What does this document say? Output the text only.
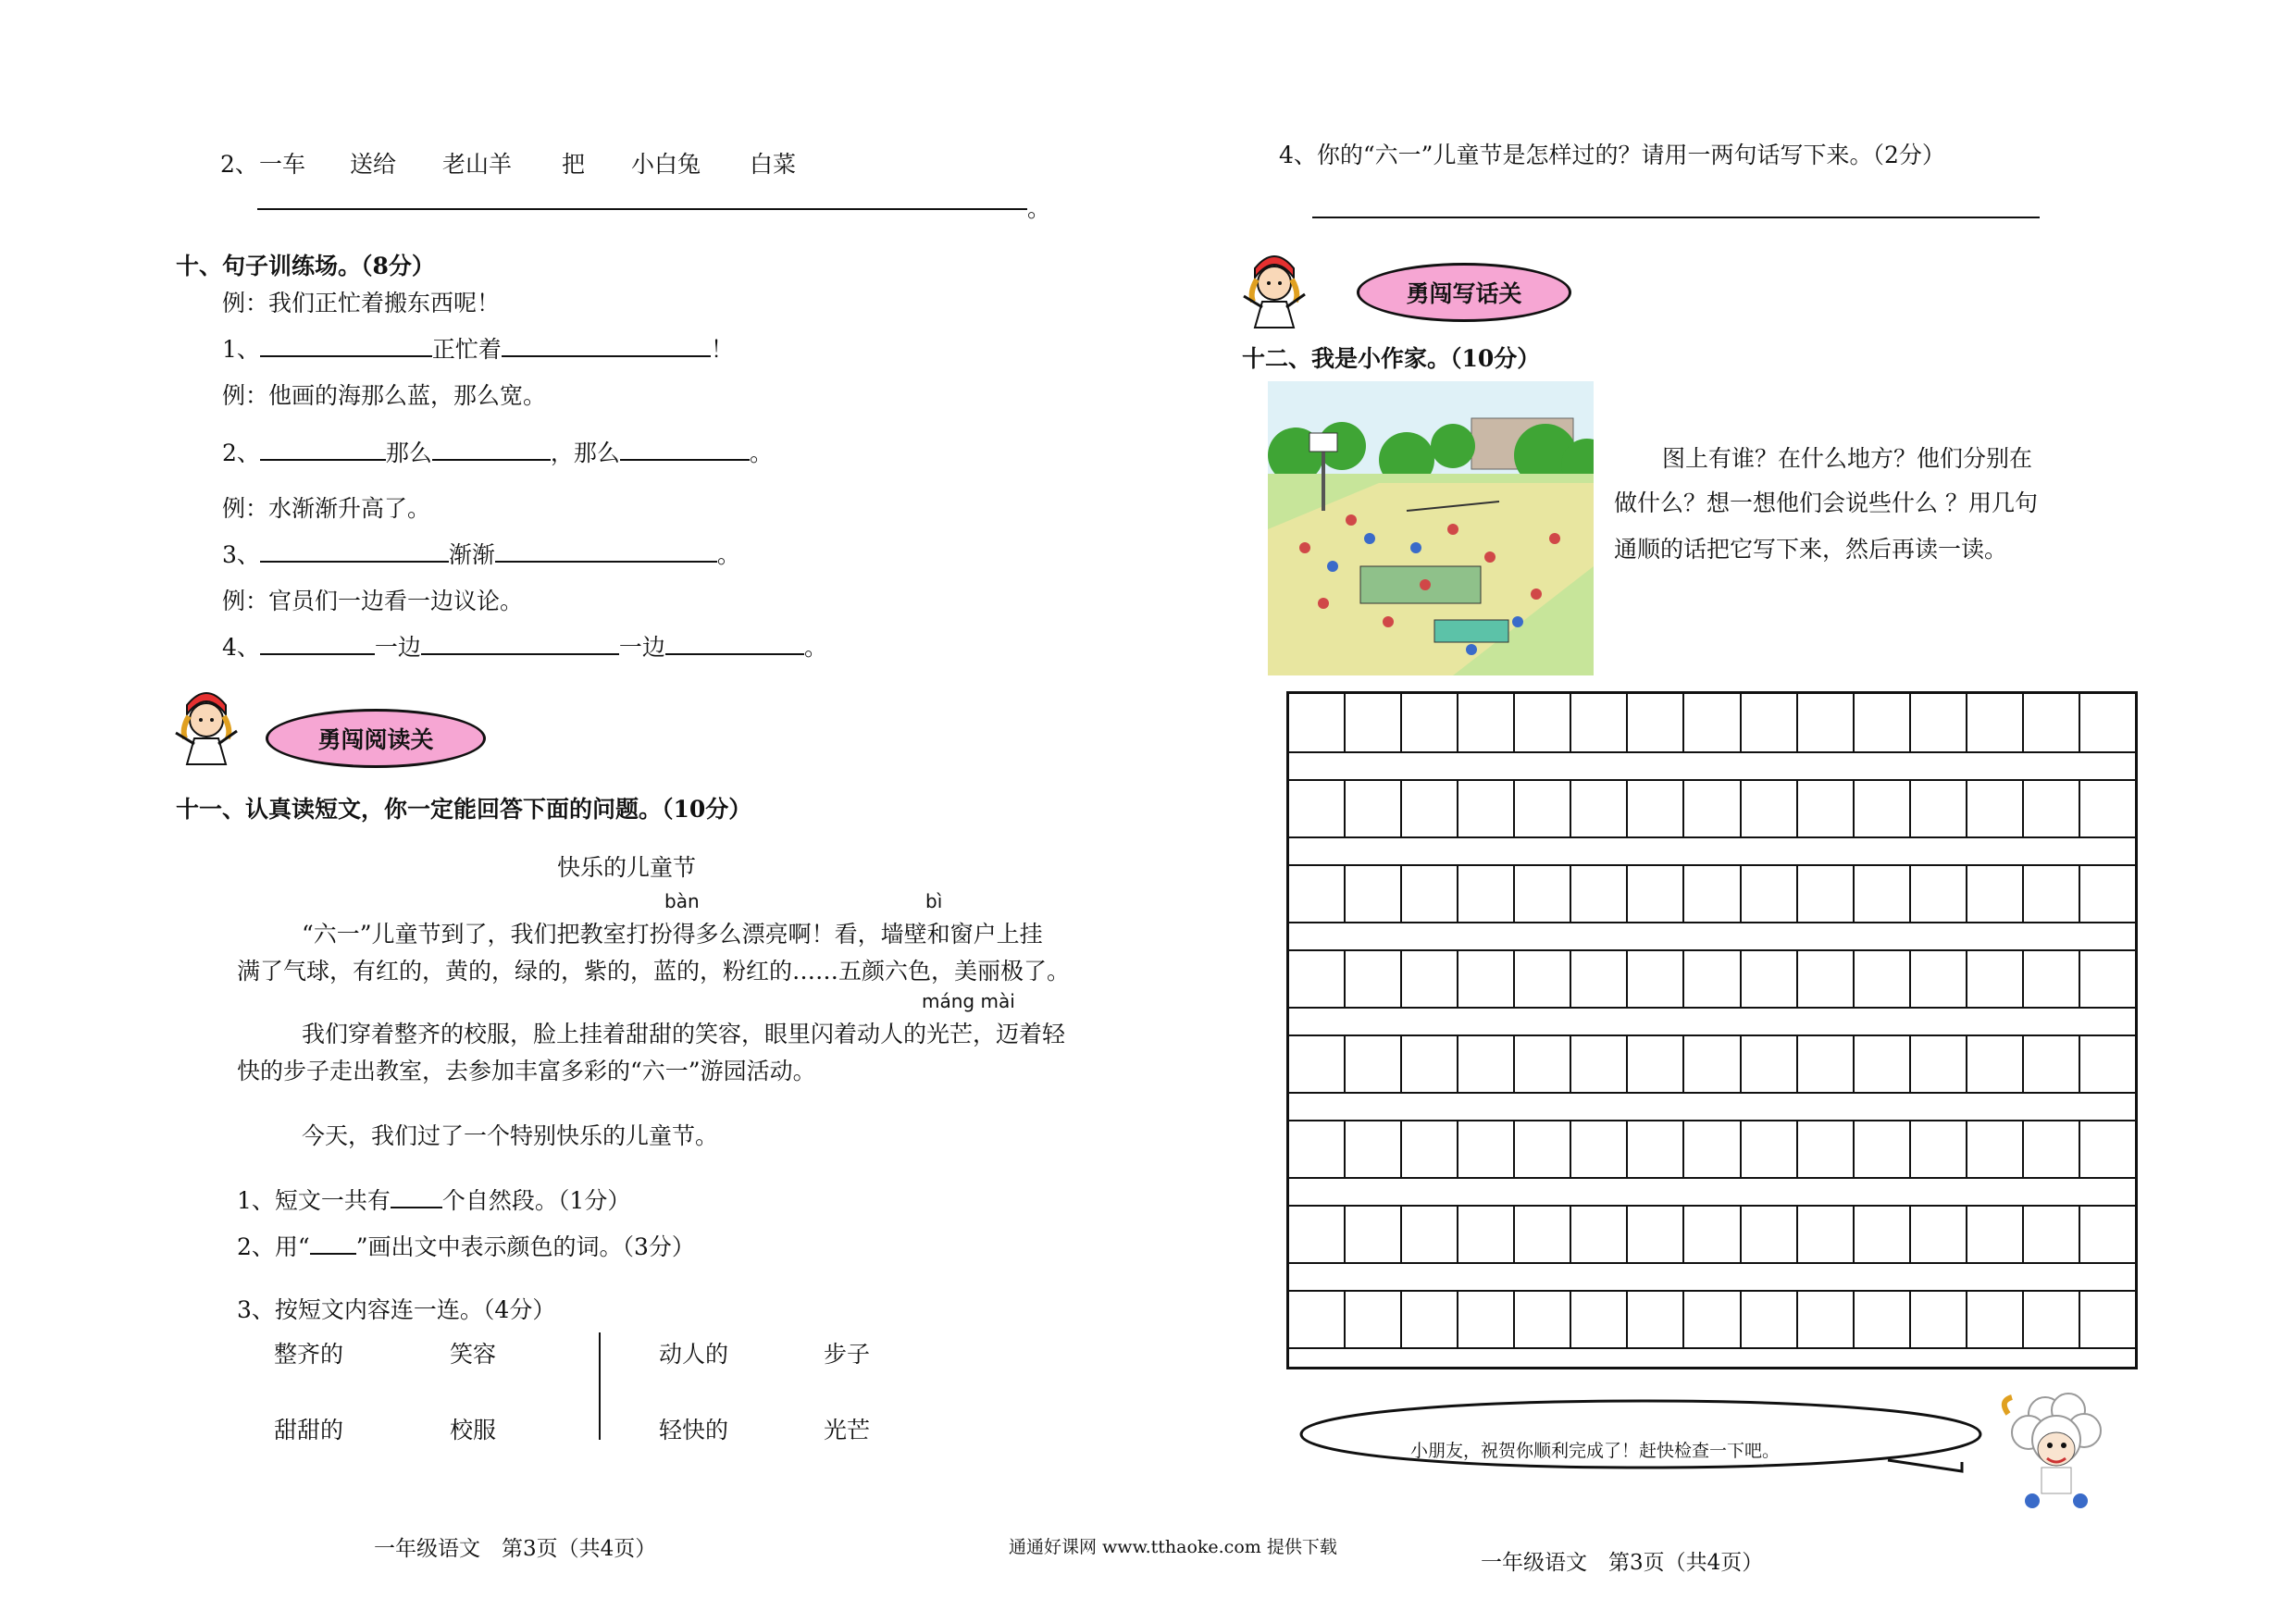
2、 一车 送给 老山羊 把 小白兔 白菜
。
十、句子训练场。（8分）
例：我们正忙着搬东西呢！
1、	正忙着	！
例：他画的海那么蓝，那么宽。
2、	那么	，那么	。
例：水渐渐升高了。
3、	渐渐	。
例：官员们一边看一边议论。
4、	一边	一边	。
勇闯阅读关
十一、认真读短文，你一定能回答下面的问题。（10分）
快乐的儿童节
bàn	bì
“六一”儿童节到了，我们把教室打扮得多么漂亮啊！看，墙壁和窗户上挂
满了气球，有红的，黄的，绿的，紫的，蓝的，粉红的……五颜六色，美丽极了。
máng mài
我们穿着整齐的校服，脸上挂着甜甜的笑容，眼里闪着动人的光芒，迈着轻
快的步子走出教室，去参加丰富多彩的“六一”游园活动。
今天，我们过了一个特别快乐的儿童节。
1、短文一共有 个自然段。（1分）
2、用“ ”画出文中表示颜色的词。（3分）
3、按短文内容连一连。（4分）
整齐的	笑容
甜甜的	校服
动人的	步子
轻快的	光芒
一年级语文　第3页（共4页）	通通好课网 www.tthaoke.com 提供下载
4、你的“六一”儿童节是怎样过的？请用一两句话写下来。（2分）
勇闯写话关
十二、我是小作家。（10分）
图上有谁？在什么地方？他们分别在
做什么？想一想他们会说些什么 ？用几句
通顺的话把它写下来，然后再读一读。
小朋友，祝贺你顺利完成了！赶快检查一下吧。
一年级语文　第3页（共4页）
